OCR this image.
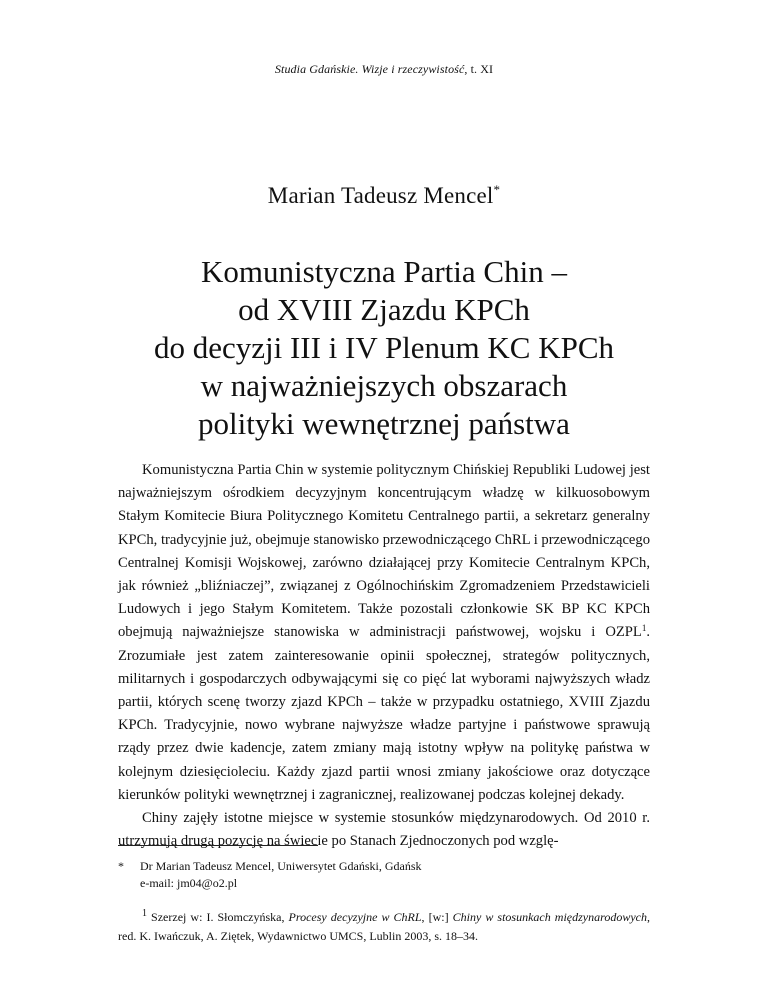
Studia Gdańskie. Wizje i rzeczywistość, t. XI
Marian Tadeusz Mencel*
Komunistyczna Partia Chin –
od XVIII Zjazdu KPCh
do decyzji III i IV Plenum KC KPCh
w najważniejszych obszarach
polityki wewnętrznej państwa

Komunistyczna Partia Chin w systemie politycznym Chińskiej Republiki Ludowej jest najważniejszym ośrodkiem decyzyjnym koncentrującym władzę w kilkuosobowym Stałym Komitecie Biura Politycznego Komitetu Centralnego partii, a sekretarz generalny KPCh, tradycyjnie już, obejmuje stanowisko przewodniczącego ChRL i przewodniczącego Centralnej Komisji Wojskowej, zarówno działającej przy Komitecie Centralnym KPCh, jak również „bliźniaczej”, związanej z Ogólnochińskim Zgromadzeniem Przedstawicieli Ludowych i jego Stałym Komitetem. Także pozostali członkowie SK BP KC KPCh obejmują najważniejsze stanowiska w administracji państwowej, wojsku i OZPL$^1$. Zrozumiałe jest zatem zainteresowanie opinii społecznej, strategów politycznych, militarnych i gospodarczych odbywającymi się co pięć lat wyborami najwyższych władz partii, których scenę tworzy zjazd KPCh – także w przypadku ostatniego, XVIII Zjazdu KPCh. Tradycyjnie, nowo wybrane najwyższe władze partyjne i państwowe sprawują rządy przez dwie kadencje, zatem zmiany mają istotny wpływ na politykę państwa w kolejnym dziesięcioleciu. Każdy zjazd partii wnosi zmiany jakościowe oraz dotyczące kierunków polityki wewnętrznej i zagranicznej, realizowanej podczas kolejnej dekady.

Chiny zajęły istotne miejsce w systemie stosunków międzynarodowych. Od 2010 r. utrzymują drugą pozycję na świecie po Stanach Zjednoczonych pod wzglę-

* Dr Marian Tadeusz Mencel, Uniwersytet Gdański, Gdańsk
e-mail: jm04@o2.pl

$^1$ Szerzej w: I. Słomczyńska, Procesy decyzyjne w ChRL, [w:] Chiny w stosunkach międzynarodowych, red. K. Iwańczuk, A. Ziętek, Wydawnictwo UMCS, Lublin 2003, s. 18–34.
